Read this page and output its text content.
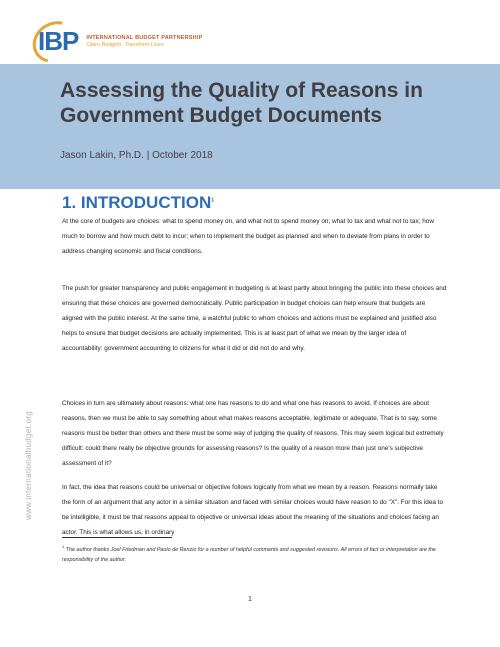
IBP INTERNATIONAL BUDGET PARTNERSHIP
Open Budgets. Transform Lives.
Assessing the Quality of Reasons in Government Budget Documents
Jason Lakin, Ph.D. | October 2018
1. INTRODUCTION$^1$

At the core of budgets are choices: what to spend money on, and what not to spend money on; what to tax and what not to tax; how much to borrow and how much debt to incur; when to implement the budget as planned and when to deviate from plans in order to address changing economic and fiscal conditions.

The push for greater transparency and public engagement in budgeting is at least partly about bringing the public into these choices and ensuring that these choices are governed democratically. Public participation in budget choices can help ensure that budgets are aligned with the public interest. At the same time, a watchful public to whom choices and actions must be explained and justified also helps to ensure that budget decisions are actually implemented. This is at least part of what we mean by the larger idea of accountability: government accounting to citizens for what it did or did not do and why.

Choices in turn are ultimately about reasons: what one has reasons to do and what one has reasons to avoid. If choices are about reasons, then we must be able to say something about what makes reasons acceptable, legitimate or adequate. That is to say, some reasons must be better than others and there must be some way of judging the quality of reasons. This may seem logical but extremely difficult: could there really be objective grounds for assessing reasons? Is the quality of a reason more than just one's subjective assessment of it?

In fact, the idea that reasons could be universal or objective follows logically from what we mean by a reason. Reasons normally take the form of an argument that any actor in a similar situation and faced with similar choices would have reason to do "X". For this idea to be intelligible, it must be that reasons appeal to objective or universal ideas about the meaning of the situations and choices facing an actor. This is what allows us, in ordinary

www.internationalbudget.org

$^1$ The author thanks Joel Friedman and Paolo de Renzio for a number of helpful comments and suggested revisions. All errors of fact or interpretation are the responsibility of the author.

1
